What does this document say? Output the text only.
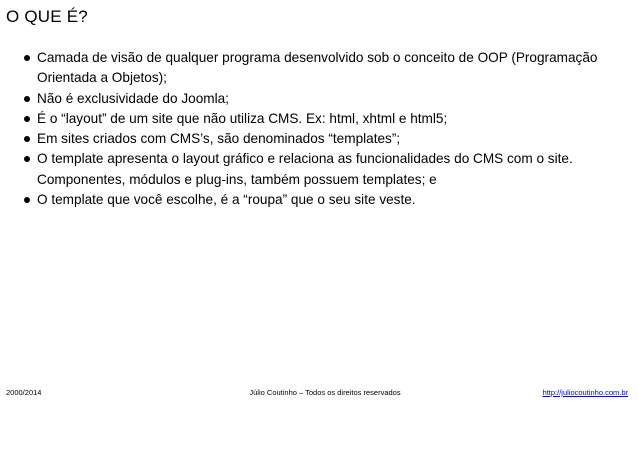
O QUE É?
Camada de visão de qualquer programa desenvolvido sob o conceito de OOP (Programação Orientada a Objetos);
Não é exclusividade do Joomla;
É o “layout” de um site que não utiliza CMS. Ex: html, xhtml e html5;
Em sites criados com CMS’s, são denominados “templates”;
O template apresenta o layout gráfico e relaciona as funcionalidades do CMS com o site. Componentes, módulos e plug-ins, também possuem templates; e
O template que você escolhe, é a “roupa” que o seu site veste.
2000/2014	Júlio Coutinho – Todos os direitos reservados	http://juliocoutinho.com.br
